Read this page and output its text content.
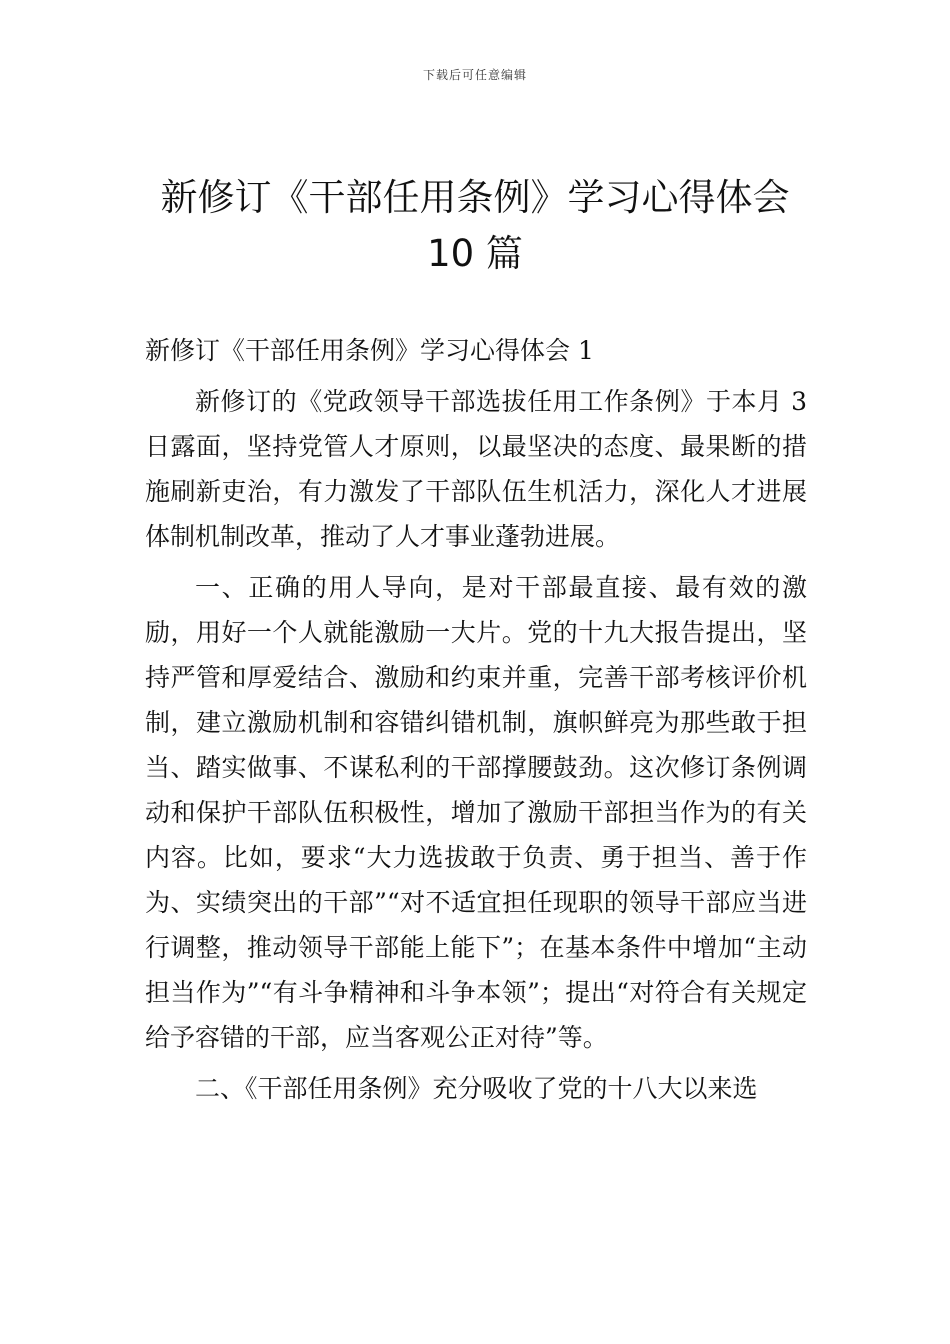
下载后可任意编辑
新修订《干部任用条例》学习心得体会
10 篇

新修订《干部任用条例》学习心得体会 1

新修订的《党政领导干部选拔任用工作条例》于本月 3 日露面，坚持党管人才原则，以最坚决的态度、最果断的措施刷新吏治，有力激发了干部队伍生机活力，深化人才进展体制机制改革，推动了人才事业蓬勃进展。

一、正确的用人导向，是对干部最直接、最有效的激励，用好一个人就能激励一大片。党的十九大报告提出，坚持严管和厚爱结合、激励和约束并重，完善干部考核评价机制，建立激励机制和容错纠错机制，旗帜鲜亮为那些敢于担当、踏实做事、不谋私利的干部撑腰鼓劲。这次修订条例调动和保护干部队伍积极性，增加了激励干部担当作为的有关内容。比如，要求“大力选拔敢于负责、勇于担当、善于作为、实绩突出的干部”“对不适宜担任现职的领导干部应当进行调整，推动领导干部能上能下”；在基本条件中增加“主动担当作为”“有斗争精神和斗争本领”；提出“对符合有关规定给予容错的干部，应当客观公正对待”等。

二、《干部任用条例》充分吸收了党的十八大以来选
